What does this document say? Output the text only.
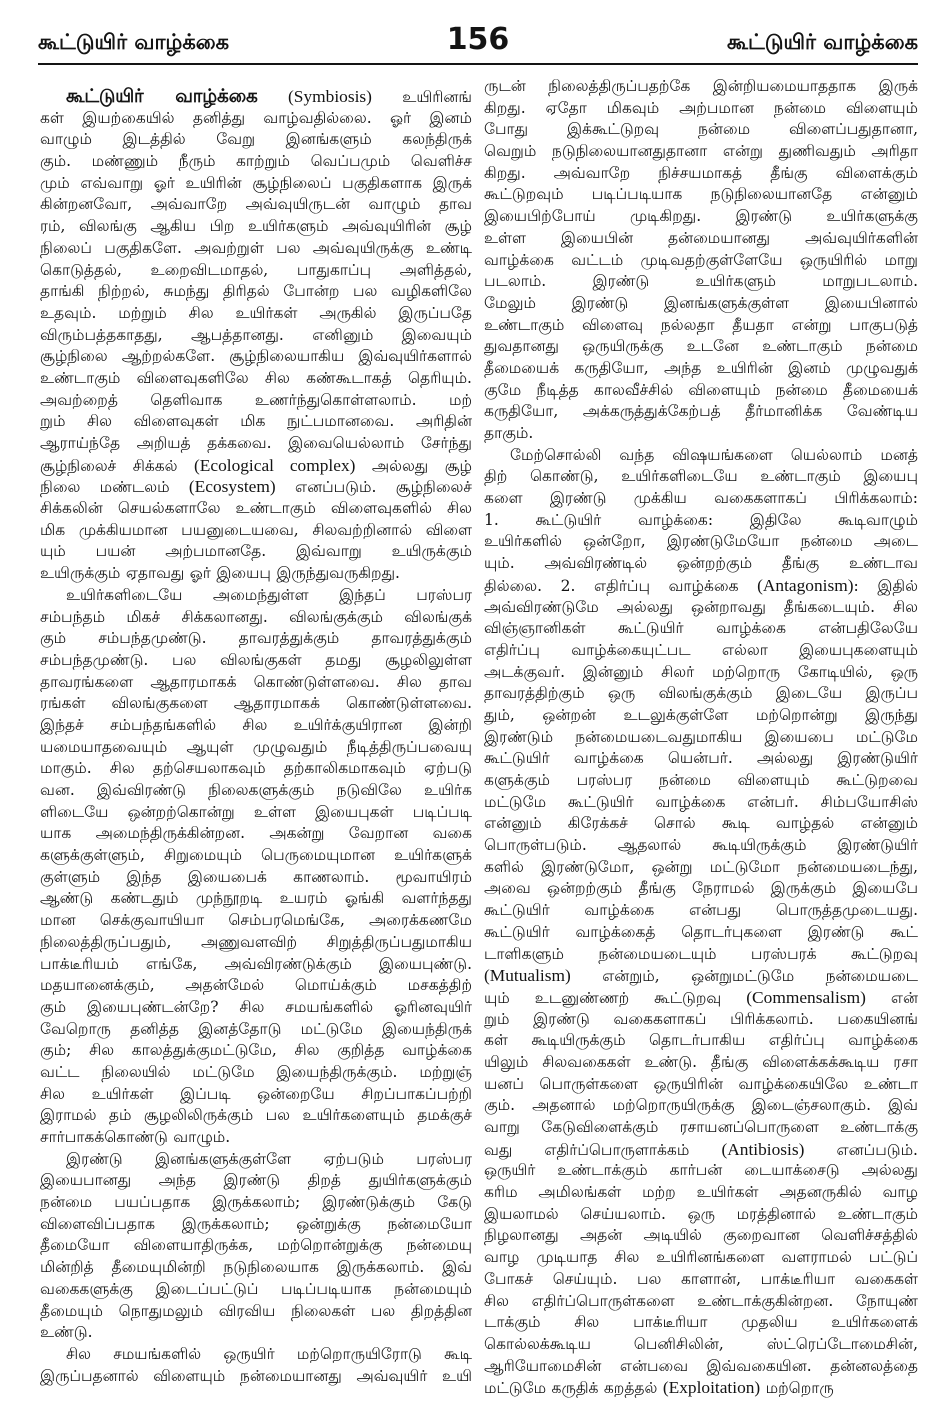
கூட்டுயிர் வாழ்க்கை	156	கூட்டுயிர் வாழ்க்கை
கூட்டுயிர் வாழ்க்கை (Symbiosis) உயிரினங்
கள் இயற்கையில் தனித்து வாழ்வதில்லை. ஓர் இனம்
வாழும் இடத்தில் வேறு இனங்களும் கலந்திருக்
கும். மண்ணும் நீரும் காற்றும் வெப்பமும் வெளிச்ச
மும் எவ்வாறு ஓர் உயிரின் சூழ்நிலைப் பகுதிகளாக இருக்
கின்றனவோ, அவ்வாறே அவ்வுயிருடன் வாழும் தாவ
ரம், விலங்கு ஆகிய பிற உயிர்களும் அவ்வுயிரின் சூழ்
நிலைப் பகுதிகளே. அவற்றுள் பல அவ்வுயிருக்கு உண்டி
கொடுத்தல், உறைவிடமாதல், பாதுகாப்பு அளித்தல்,
தாங்கி நிற்றல், சுமந்து திரிதல் போன்ற பல வழிகளிலே
உதவும். மற்றும் சில உயிர்கள் அருகில் இருப்பதே
விரும்பத்தகாதது, ஆபத்தானது. எனினும் இவையும்
சூழ்நிலை ஆற்றல்களே. சூழ்நிலையாகிய இவ்வுயிர்களால்
உண்டாகும் விளைவுகளிலே சில கண்கூடாகத் தெரியும்.
அவற்றைத் தெளிவாக உணர்ந்துகொள்ளலாம். மற்
றும் சில விளைவுகள் மிக நுட்பமானவை. அரிதின்
ஆராய்ந்தே அறியத் தக்கவை. இவையெல்லாம் சேர்ந்து
சூழ்நிலைச் சிக்கல் (Ecological complex) அல்லது சூழ்
நிலை மண்டலம் (Ecosystem) எனப்படும். சூழ்நிலைச்
சிக்கலின் செயல்களாலே உண்டாகும் விளைவுகளில் சில
மிக முக்கியமான பயனுடையவை, சிலவற்றினால் விளை
யும் பயன் அற்பமானதே. இவ்வாறு உயிருக்கும்
உயிருக்கும் ஏதாவது ஓர் இயைபு இருந்துவருகிறது.
உயிர்களிடையே அமைந்துள்ள இந்தப் பரஸ்பர
சம்பந்தம் மிகச் சிக்கலானது. விலங்குக்கும் விலங்குக்
கும் சம்பந்தமுண்டு. தாவரத்துக்கும் தாவரத்துக்கும்
சம்பந்தமுண்டு. பல விலங்குகள் தமது சூழலிலுள்ள
தாவரங்களை ஆதாரமாகக் கொண்டுள்ளவை. சில தாவ
ரங்கள் விலங்குகளை ஆதாரமாகக் கொண்டுள்ளவை.
இந்தச் சம்பந்தங்களில் சில உயிர்க்குயிரான இன்றி
யமையாதவையும் ஆயுள் முழுவதும் நீடித்திருப்பவையு
மாகும். சில தற்செயலாகவும் தற்காலிகமாகவும் ஏற்படு
வன. இவ்விரண்டு நிலைகளுக்கும் நடுவிலே உயிர்க
ளிடையே ஒன்றற்கொன்று உள்ள இயைபுகள் படிப்படி
யாக அமைந்திருக்கின்றன. அகன்று வேறான வகை
களுக்குள்ளும், சிறுமையும் பெருமையுமான உயிர்களுக்
குள்ளும் இந்த இயைபைக் காணலாம். மூவாயிரம்
ஆண்டு கண்டதும் முந்நூறடி உயரம் ஓங்கி வளர்ந்தது
மான செக்குவாயியா செம்பரமெங்கே, அரைக்கணமே
நிலைத்திருப்பதும், அணுவளவிற் சிறுத்திருப்பதுமாகிய
பாக்டீரியம் எங்கே, அவ்விரண்டுக்கும் இயைபுண்டு.
மதயானைக்கும், அதன்மேல் மொய்க்கும் மசகத்திற்
கும் இயைபுண்டன்றே? சில சமயங்களில் ஓரினவுயிர்
வேறொரு தனித்த இனத்தோடு மட்டுமே இயைந்திருக்
கும்; சில காலத்துக்குமட்டுமே, சில குறித்த வாழ்க்கை
வட்ட நிலையில் மட்டுமே இயைந்திருக்கும். மற்றுஞ்
சில உயிர்கள் இப்படி ஒன்றையே சிறப்பாகப்பற்றி
இராமல் தம் சூழலிலிருக்கும் பல உயிர்களையும் தமக்குச்
சார்பாகக்கொண்டு வாழும்.
இரண்டு இனங்களுக்குள்ளே ஏற்படும் பரஸ்பர
இயைபானது அந்த இரண்டு திறத் துயிர்களுக்கும்
நன்மை பயப்பதாக இருக்கலாம்; இரண்டுக்கும் கேடு
விளைவிப்பதாக இருக்கலாம்; ஒன்றுக்கு நன்மையோ
தீமையோ விளையாதிருக்க, மற்றொன்றுக்கு நன்மையு
மின்றித் தீமையுமின்றி நடுநிலையாக இருக்கலாம். இவ்
வகைகளுக்கு இடைப்பட்டுப் படிப்படியாக நன்மையும்
தீமையும் நொதுமலும் விரவிய நிலைகள் பல திறத்தின
உண்டு.
சில சமயங்களில் ஒருயிர் மற்றொருயிரோடு கூடி
இருப்பதனால் விளையும் நன்மையானது அவ்வுயிர் உயி
ருடன் நிலைத்திருப்பதற்கே இன்றியமையாததாக இருக்
கிறது. ஏதோ மிகவும் அற்பமான நன்மை விளையும்
போது இக்கூட்டுறவு நன்மை விளைப்பதுதானா,
வெறும் நடுநிலையானதுதானா என்று துணிவதும் அரிதா
கிறது. அவ்வாறே நிச்சயமாகத் தீங்கு விளைக்கும்
கூட்டுறவும் படிப்படியாக நடுநிலையானதே என்னும்
இயைபிற்போய் முடிகிறது. இரண்டு உயிர்களுக்கு
உள்ள இயைபின் தன்மையானது அவ்வுயிர்களின்
வாழ்க்கை வட்டம் முடிவதற்குள்ளேயே ஒருயிரில் மாறு
படலாம். இரண்டு உயிர்களும் மாறுபடலாம்.
மேலும் இரண்டு இனங்களுக்குள்ள இயைபினால்
உண்டாகும் விளைவு நல்லதா தீயதா என்று பாகுபடுத்
துவதானது ஒருயிருக்கு உடனே உண்டாகும் நன்மை
தீமையைக் கருதியோ, அந்த உயிரின் இனம் முழுவதுக்
குமே நீடித்த காலவீச்சில் விளையும் நன்மை தீமையைக்
கருதியோ, அக்கருத்துக்கேற்பத் தீர்மானிக்க வேண்டிய
தாகும்.
மேற்சொல்லி வந்த விஷயங்களை யெல்லாம் மனத்
திற் கொண்டு, உயிர்களிடையே உண்டாகும் இயைபு
களை இரண்டு முக்கிய வகைகளாகப் பிரிக்கலாம்:
1. கூட்டுயிர் வாழ்க்கை: இதிலே கூடிவாழும்
உயிர்களில் ஒன்றோ, இரண்டுமேயோ நன்மை அடை
யும். அவ்விரண்டில் ஒன்றற்கும் தீங்கு உண்டாவ
தில்லை. 2. எதிர்ப்பு வாழ்க்கை (Antagonism): இதில்
அவ்விரண்டுமே அல்லது ஒன்றாவது தீங்கடையும். சில
விஞ்ஞானிகள் கூட்டுயிர் வாழ்க்கை என்பதிலேயே
எதிர்ப்பு வாழ்க்கையுட்பட எல்லா இயைபுகளையும்
அடக்குவர். இன்னும் சிலர் மற்றொரு கோடியில், ஒரு
தாவரத்திற்கும் ஒரு விலங்குக்கும் இடையே இருப்ப
தும், ஒன்றன் உடலுக்குள்ளே மற்றொன்று இருந்து
இரண்டும் நன்மையடைவதுமாகிய இயைபை மட்டுமே
கூட்டுயிர் வாழ்க்கை யென்பர். அல்லது இரண்டுயிர்
களுக்கும் பரஸ்பர நன்மை விளையும் கூட்டுறவை
மட்டுமே கூட்டுயிர் வாழ்க்கை என்பர். சிம்பயோசிஸ்
என்னும் கிரேக்கச் சொல் கூடி வாழ்தல் என்னும்
பொருள்படும். ஆதலால் கூடியிருக்கும் இரண்டுயிர்
களில் இரண்டுமோ, ஒன்று மட்டுமோ நன்மையடைந்து,
அவை ஒன்றற்கும் தீங்கு நேராமல் இருக்கும் இயைபே
கூட்டுயிர் வாழ்க்கை என்பது பொருத்தமுடையது.
கூட்டுயிர் வாழ்க்கைத் தொடர்புகளை இரண்டு கூட்
டாளிகளும் நன்மையடையும் பரஸ்பரக் கூட்டுறவு
(Mutualism) என்றும், ஒன்றுமட்டுமே நன்மையடை
யும் உடனுண்ணற் கூட்டுறவு (Commensalism) என்
றும் இரண்டு வகைகளாகப் பிரிக்கலாம். பகையினங்
கள் கூடியிருக்கும் தொடர்பாகிய எதிர்ப்பு வாழ்க்கை
யிலும் சிலவகைகள் உண்டு. தீங்கு விளைக்கக்கூடிய ரசா
யனப் பொருள்களை ஒருயிரின் வாழ்க்கையிலே உண்டா
கும். அதனால் மற்றொருயிருக்கு இடைஞ்சலாகும். இவ்
வாறு கேடுவிளைக்கும் ரசாயனப்பொருளை உண்டாக்கு
வது எதிர்ப்பொருளாக்கம் (Antibiosis) எனப்படும்.
ஒருயிர் உண்டாக்கும் கார்பன் டையாக்சைடு அல்லது
கரிம அமிலங்கள் மற்ற உயிர்கள் அதனருகில் வாழ
இயலாமல் செய்யலாம். ஒரு மரத்தினால் உண்டாகும்
நிழலானது அதன் அடியில் குறைவான வெளிச்சத்தில்
வாழ முடியாத சில உயிரினங்களை வளராமல் பட்டுப்
போகச் செய்யும். பல காளான், பாக்டீரியா வகைகள்
சில எதிர்ப்பொருள்களை உண்டாக்குகின்றன. நோயுண்
டாக்கும் சில பாக்டீரியா முதலிய உயிர்களைக்
கொல்லக்கூடிய பெனிசிலின், ஸ்ட்ரெப்டோமைசின்,
ஆரியோமைசின் என்பவை இவ்வகையின. தன்னலத்தை
மட்டுமே கருதிக் கறத்தல் (Exploitation) மற்றொரு
